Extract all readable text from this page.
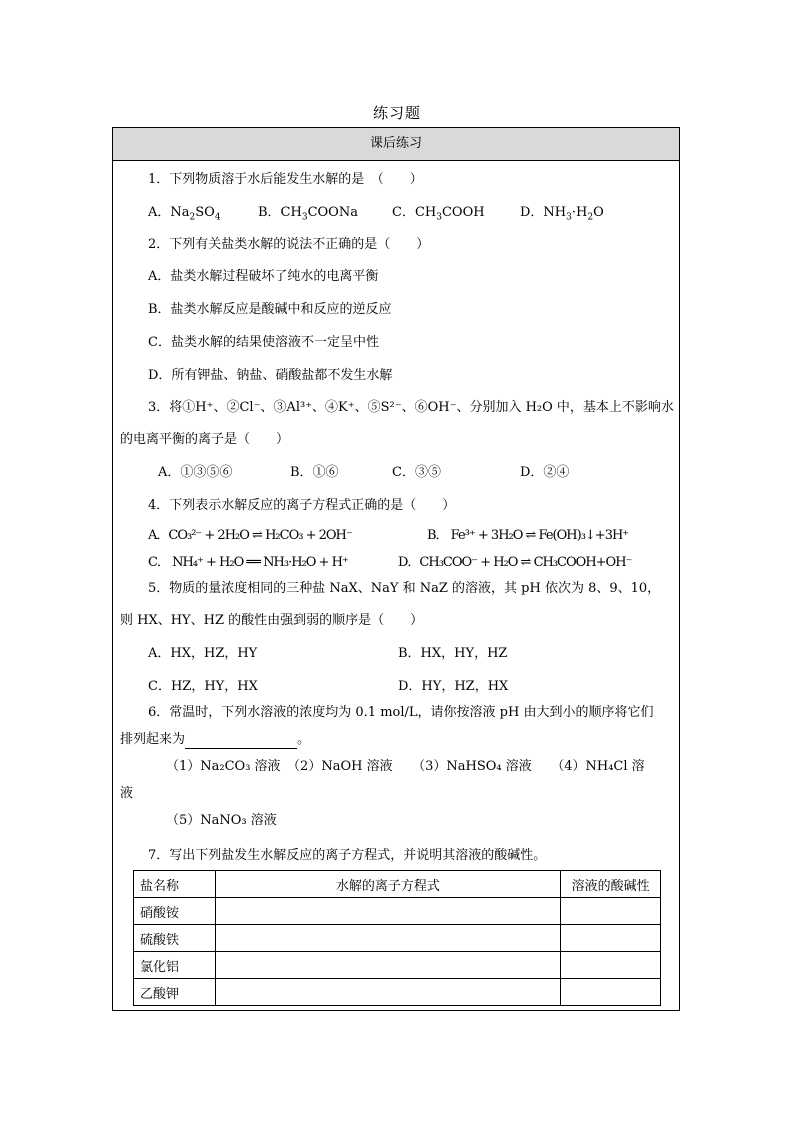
练习题
课后练习
1．下列物质溶于水后能发生水解的是　（　　）
A．$Na_2SO_4$	B．$CH_3COONa$	C．$CH_3COOH$	D．$NH_3\cdot H_2O$
2．下列有关盐类水解的说法不正确的是（　　）
A．盐类水解过程破坏了纯水的电离平衡
B．盐类水解反应是酸碱中和反应的逆反应
C．盐类水解的结果使溶液不一定呈中性
D．所有钾盐、钠盐、硝酸盐都不发生水解
3．将①H⁺、②Cl⁻、③Al³⁺、④K⁺、⑤S²⁻、⑥OH⁻、分别加入 H₂O 中，基本上不影响水
的电离平衡的离子是（　　）
A．①③⑤⑥	B．①⑥	C．③⑤	D．②④
4．下列表示水解反应的离子方程式正确的是（　　）
A．CO₃²⁻ + 2H₂O ⇌ H₂CO₃ + 2OH⁻	B． Fe³⁺ + 3H₂O ⇌ Fe(OH)₃↓+3H⁺
C． NH₄⁺ + H₂O ══ NH₃·H₂O + H⁺	D．CH₃COO⁻ + H₂O ⇌ CH₃COOH+OH⁻
5．物质的量浓度相同的三种盐 NaX、NaY 和 NaZ 的溶液，其 pH 依次为 8、9、10，
则 HX、HY、HZ 的酸性由强到弱的顺序是（　　）
A．HX，HZ，HY	B．HX，HY，HZ
C．HZ，HY，HX	D．HY，HZ，HX
6．常温时，下列水溶液的浓度均为 0.1 mol/L，请你按溶液 pH 由大到小的顺序将它们
排列起来为	。
（1）Na₂CO₃ 溶液　（2）NaOH 溶液　　（3）NaHSO₄ 溶液　　（4）NH₄Cl 溶
液
（5）NaNO₃ 溶液
7．写出下列盐发生水解反应的离子方程式，并说明其溶液的酸碱性。
盐名称	水解的离子方程式	溶液的酸碱性
硝酸铵		
硫酸铁		
氯化铝		
乙酸钾		
